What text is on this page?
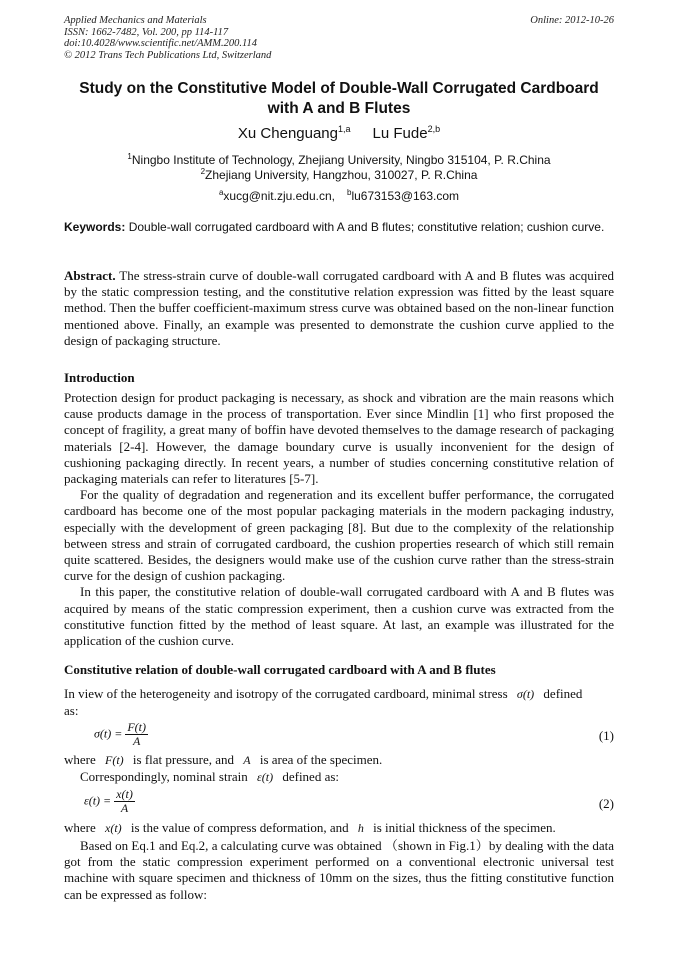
Applied Mechanics and Materials
ISSN: 1662-7482, Vol. 200, pp 114-117
doi:10.4028/www.scientific.net/AMM.200.114
© 2012 Trans Tech Publications Ltd, Switzerland
Online: 2012-10-26
Study on the Constitutive Model of Double-Wall Corrugated Cardboard
with A and B Flutes
Xu Chenguang$^{1,a}$ Lu Fude$^{2,b}$
$^1$Ningbo Institute of Technology, Zhejiang University, Ningbo 315104, P. R.China
$^2$Zhejiang University, Hangzhou, 310027, P. R.China
$^a$xucg@nit.zju.edu.cn, $^b$lu673153@163.com
Keywords: Double-wall corrugated cardboard with A and B flutes; constitutive relation; cushion curve.
Abstract. The stress-strain curve of double-wall corrugated cardboard with A and B flutes was acquired by the static compression testing, and the constitutive relation expression was fitted by the least square method. Then the buffer coefficient-maximum stress curve was obtained based on the non-linear function mentioned above. Finally, an example was presented to demonstrate the cushion curve applied to the design of packaging structure.
Introduction
Protection design for product packaging is necessary, as shock and vibration are the main reasons which cause products damage in the process of transportation. Ever since Mindlin [1] who first proposed the concept of fragility, a great many of boffin have devoted themselves to the damage research of packaging materials [2-4]. However, the damage boundary curve is usually inconvenient for the design of cushioning packaging directly. In recent years, a number of studies concerning constitutive relation of packaging materials can refer to literatures [5-7].
For the quality of degradation and regeneration and its excellent buffer performance, the corrugated cardboard has become one of the most popular packaging materials in the modern packaging industry, especially with the development of green packaging [8]. But due to the complexity of the relationship between stress and strain of corrugated cardboard, the cushion properties research of which still remain quite scattered. Besides, the designers would make use of the cushion curve rather than the stress-strain curve for the design of cushion packaging.
In this paper, the constitutive relation of double-wall corrugated cardboard with A and B flutes was acquired by means of the static compression experiment, then a cushion curve was extracted from the constitutive function fitted by the method of least square. At last, an example was illustrated for the application of the cushion curve.
Constitutive relation of double-wall corrugated cardboard with A and B flutes
In view of the heterogeneity and isotropy of the corrugated cardboard, minimal stress σ(t) defined
as:
$\sigma(t) = \frac{F(t)}{A}$	(1)
where F(t) is flat pressure, and A is area of the specimen.
Correspondingly, nominal strain ε(t) defined as:
$\varepsilon(t) = \frac{x(t)}{A}$	(2)
where x(t) is the value of compress deformation, and h is initial thickness of the specimen.
Based on Eq.1 and Eq.2, a calculating curve was obtained （shown in Fig.1）by dealing with the data got from the static compression experiment performed on a conventional electronic universal test machine with square specimen and thickness of 10mm on the sizes, thus the fitting constitutive function can be expressed as follow:
